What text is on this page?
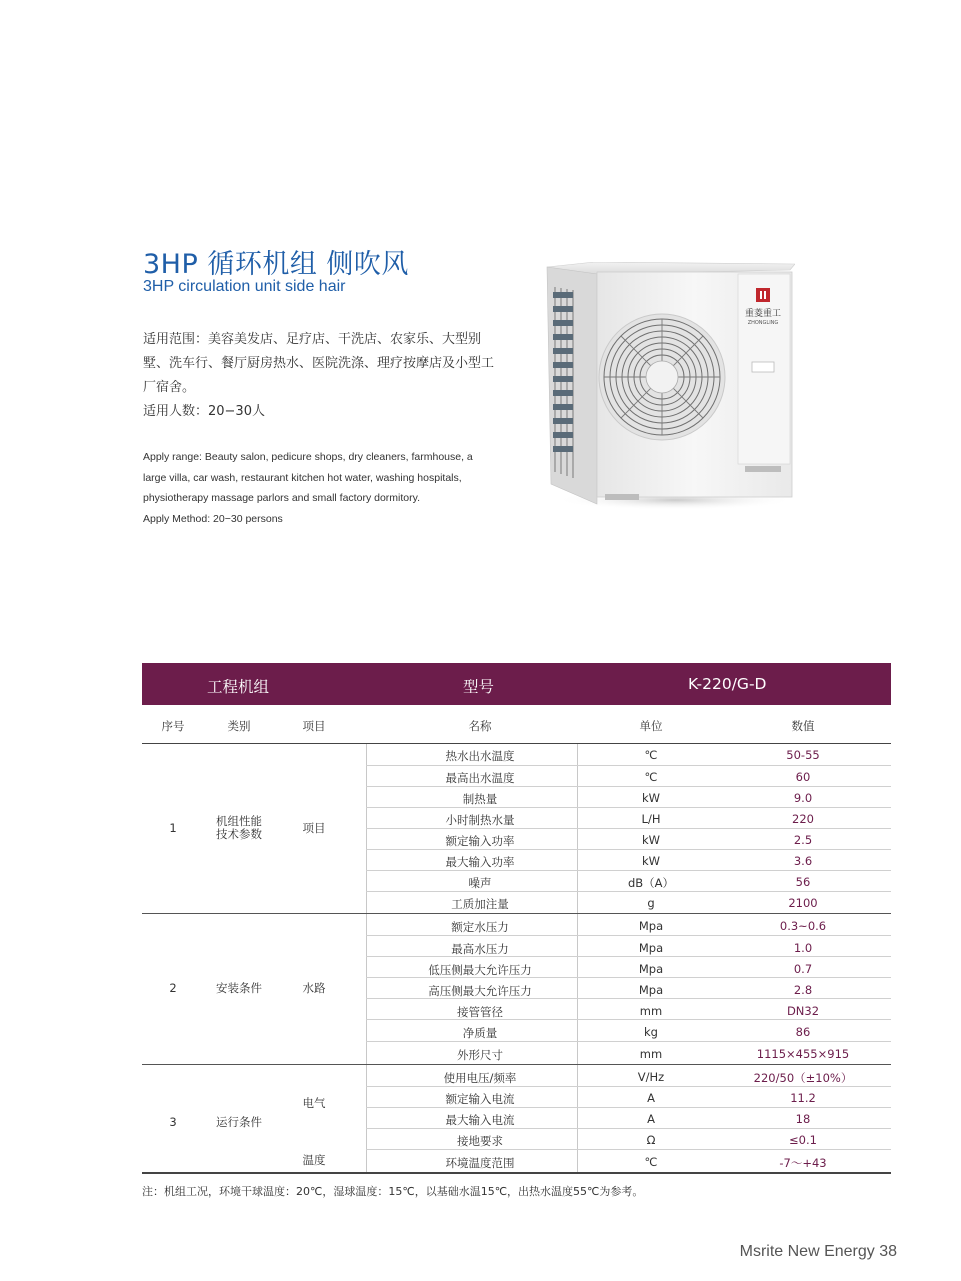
3HP 循环机组 侧吹风
3HP circulation unit side hair
适用范围：美容美发店、足疗店、干洗店、农家乐、大型别
墅、洗车行、餐厅厨房热水、医院洗涤、理疗按摩店及小型工
厂宿舍。
适用人数：20−30人
Apply range: Beauty salon, pedicure shops, dry cleaners, farmhouse, a
large villa, car wash, restaurant kitchen hot water, washing hospitals,
physiotherapy massage parlors and small factory dormitory.
Apply Method: 20−30 persons
重菱重工
ZHONGLING
工程机组	型号	K-220/G-D
序号	类别	项目	名称	单位	数值
1	机组性能
技术参数	项目
热水出水温度	℃	50-55
最高出水温度	℃	60
制热量	kW	9.0
小时制热水量	L/H	220
额定输入功率	kW	2.5
最大输入功率	kW	3.6
噪声	dB（A）	56
工质加注量	g	2100
2	安装条件	水路
额定水压力	Mpa	0.3~0.6
最高水压力	Mpa	1.0
低压侧最大允许压力	Mpa	0.7
高压侧最大允许压力	Mpa	2.8
接管管径	mm	DN32
净质量	kg	86
外形尺寸	mm	1115×455×915
3	运行条件
电气
温度
使用电压/频率	V/Hz	220/50（±10%）
额定输入电流	A	11.2
最大输入电流	A	18
接地要求	Ω	≤0.1
环境温度范围	℃	-7～+43
注：机组工况，环境干球温度：20℃，湿球温度：15℃，以基础水温15℃，出热水温度55℃为参考。
Msrite New Energy 38
